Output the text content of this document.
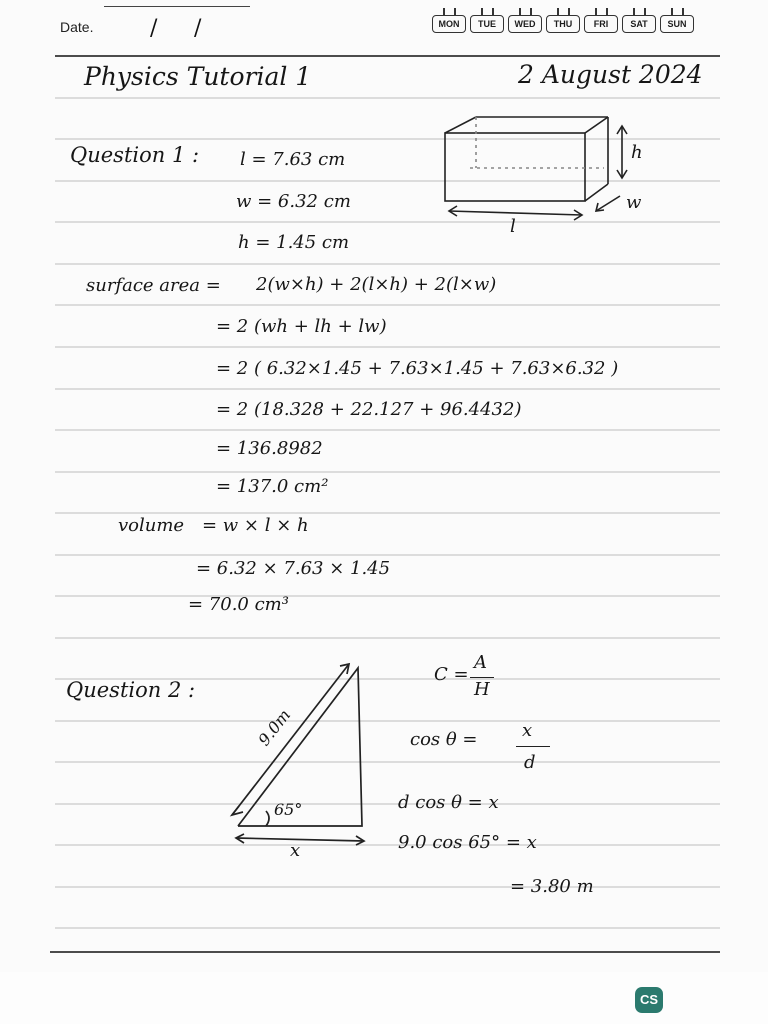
Date.	/ /	MON	TUE	WED	THU	FRI	SAT	SUN
Physics Tutorial 1	2 August 2024
Question 1 : l = 7.63 cm
w = 6.32 cm
h = 1.45 cm
h
w
l
surface area = 2(w×h) + 2(l×h) + 2(l×w)
= 2 (wh + lh + lw)
= 2 ( 6.32×1.45 + 7.63×1.45 + 7.63×6.32 )
= 2 (18.328 + 22.127 + 96.4432)
= 136.8982
= 137.0 cm²
volume = w × l × h
= 6.32 × 7.63 × 1.45
= 70.0 cm³
Question 2 :
9.0m
65°
x
C =
A
H
cos θ = x
d
d cos θ = x
9.0 cos 65° = x
= 3.80 m
CS
